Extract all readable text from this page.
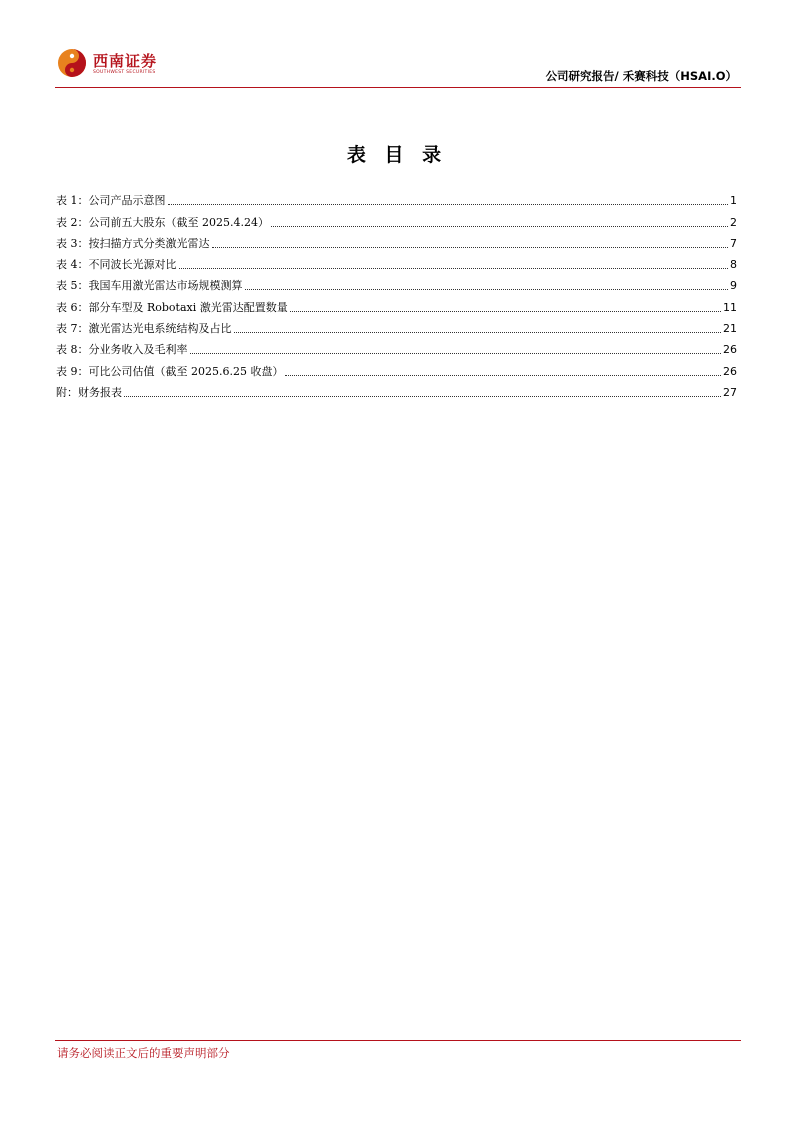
西南证券
SOUTHWEST SECURITIES	公司研究报告/ 禾赛科技（HSAI.O）
表 目 录
表 1：公司产品示意图	1
表 2：公司前五大股东（截至 2025.4.24）	2
表 3：按扫描方式分类激光雷达	7
表 4：不同波长光源对比	8
表 5：我国车用激光雷达市场规模测算	9
表 6：部分车型及 Robotaxi 激光雷达配置数量	11
表 7：激光雷达光电系统结构及占比	21
表 8：分业务收入及毛利率	26
表 9：可比公司估值（截至 2025.6.25 收盘）	26
附：财务报表	27
请务必阅读正文后的重要声明部分
